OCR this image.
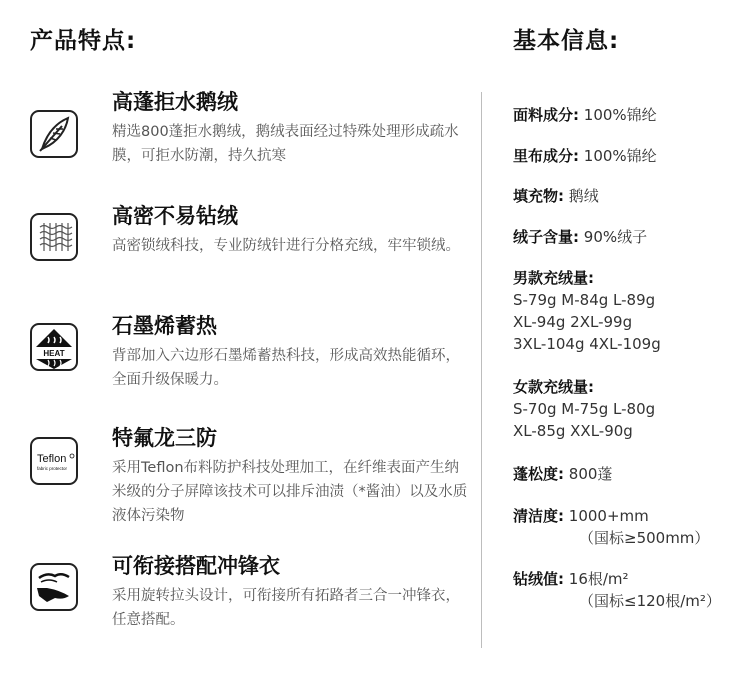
产品特点:	基本信息:
高蓬拒水鹅绒
精选800蓬拒水鹅绒，鹅绒表面经过特殊处理形成疏水膜，可拒水防潮，持久抗寒
高密不易钻绒
高密锁绒科技，专业防绒针进行分格充绒，牢牢锁绒。
HEAT
石墨烯蓄热
背部加入六边形石墨烯蓄热科技，形成高效热能循环，全面升级保暖力。
Teflon
fabric protector
特氟龙三防
采用Teflon布料防护科技处理加工，在纤维表面产生纳米级的分子屏障该技术可以排斥油渍（*酱油）以及水质液体污染物
可衔接搭配冲锋衣
采用旋转拉头设计，可衔接所有拓路者三合一冲锋衣，任意搭配。
面料成分: 100%锦纶
里布成分: 100%锦纶
填充物: 鹅绒
绒子含量: 90%绒子
男款充绒量:
S-79g M-84g L-89g
XL-94g 2XL-99g
3XL-104g 4XL-109g
女款充绒量:
S-70g M-75g L-80g
XL-85g XXL-90g
蓬松度: 800蓬
清洁度: 1000+mm
（国标≥500mm）
钻绒值: 16根/m²
（国标≤120根/m²）
